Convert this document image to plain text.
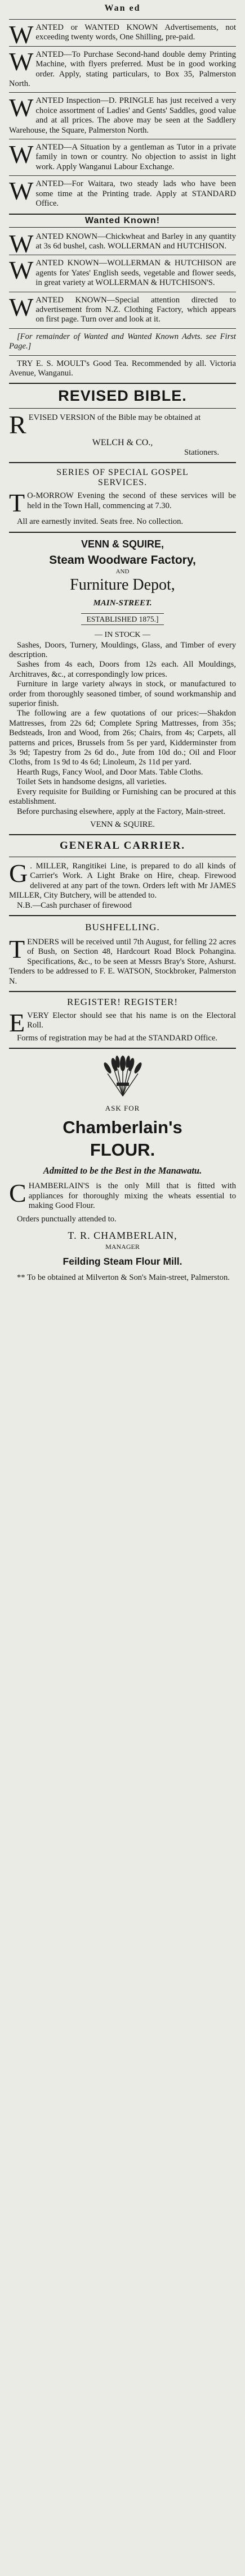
Wan ed
WANTED or WANTED KNOWN Advertisements, not exceeding twenty words, One Shilling, pre-paid.
WANTED—To Purchase Second-hand double demy Printing Machine, with flyers preferred. Must be in good working order. Apply, stating particulars, to Box 35, Palmerston North.
WANTED Inspection—D. PRINGLE has just received a very choice assortment of Ladies' and Gents' Saddles, good value and at all prices. The above may be seen at the Saddlery Warehouse, the Square, Palmerston North.
WANTED—A Situation by a gentleman as Tutor in a private family in town or country. No objection to assist in light work. Apply Wanganui Labour Exchange.
WANTED—For Waitara, two steady lads who have been some time at the Printing trade. Apply at STANDARD Office.
Wanted Known!
WANTED KNOWN—Chickwheat and Barley in any quantity at 3s 6d bushel, cash. WOLLERMAN and HUTCHISON.
WANTED KNOWN—WOLLERMAN & HUTCHISON are agents for Yates' English seeds, vegetable and flower seeds, in great variety at WOLLERMAN & HUTCHISON'S.
WANTED KNOWN—Special attention directed to advertisement from N.Z. Clothing Factory, which appears on first page. Turn over and look at it.
[For remainder of Wanted and Wanted Known Advts. see First Page.]
TRY E. S. MOULT's Good Tea. Recommended by all. Victoria Avenue, Wanganui.
REVISED BIBLE.
REVISED VERSION of the Bible may be obtained at
WELCH & CO.,
Stationers.
SERIES OF SPECIAL GOSPEL
SERVICES.
T O-MORROW Evening the second of these services will be held in the Town Hall, commencing at 7.30.
All are earnestly invited. Seats free. No collection.
VENN & SQUIRE,
Steam Woodware Factory,
AND
Furniture Depot,
MAIN-STREET.
ESTABLISHED 1875.]
— IN STOCK —
Sashes, Doors, Turnery, Mouldings, Glass, and Timber of every description.
Sashes from 4s each, Doors from 12s each. All Mouldings, Architraves, &c., at correspondingly low prices.
Furniture in large variety always in stock, or manufactured to order from thoroughly seasoned timber, of sound workmanship and superior finish.
The following are a few quotations of our prices:—Shakdon Mattresses, from 22s 6d; Complete Spring Mattresses, from 35s; Bedsteads, Iron and Wood, from 26s; Chairs, from 4s; Carpets, all patterns and prices, Brussels from 5s per yard, Kidderminster from 3s 9d; Tapestry from 2s 6d do., Jute from 10d do.; Oil and Floor Cloths, from 1s 9d to 4s 6d; Linoleum, 2s 11d per yard.
Hearth Rugs, Fancy Wool, and Door Mats. Table Cloths.
Toilet Sets in handsome designs, all varieties.
Every requisite for Building or Furnishing can be procured at this establishment.
Before purchasing elsewhere, apply at the Factory, Main-street.
VENN & SQUIRE.
GENERAL CARRIER.
G . MILLER, Rangitikei Line, is prepared to do all kinds of Carrier's Work. A Light Brake on Hire, cheap. Firewood delivered at any part of the town. Orders left with Mr JAMES MILLER, City Butchery, will be attended to.
N.B.—Cash purchaser of firewood
BUSHFELLING.
TENDERS will be received until 7th August, for felling 22 acres of Bush, on Section 48, Hardcourt Road Block Pohangina. Specifications, &c., to be seen at Messrs Bray's Store, Ashurst. Tenders to be addressed to F. E. WATSON, Stockbroker, Palmerston N.
REGISTER! REGISTER!
EVERY Elector should see that his name is on the Electoral Roll.
Forms of registration may be had at the STANDARD Office.
ASK FOR
Chamberlain's
FLOUR.
Admitted to be the Best in the Manawatu.
CHAMBERLAIN'S is the only Mill that is fitted with appliances for thoroughly mixing the wheats essential to making Good Flour.
Orders punctually attended to.
T. R. CHAMBERLAIN,
MANAGER
Feilding Steam Flour Mill.
** To be obtained at Milverton & Son's Main-street, Palmerston.
